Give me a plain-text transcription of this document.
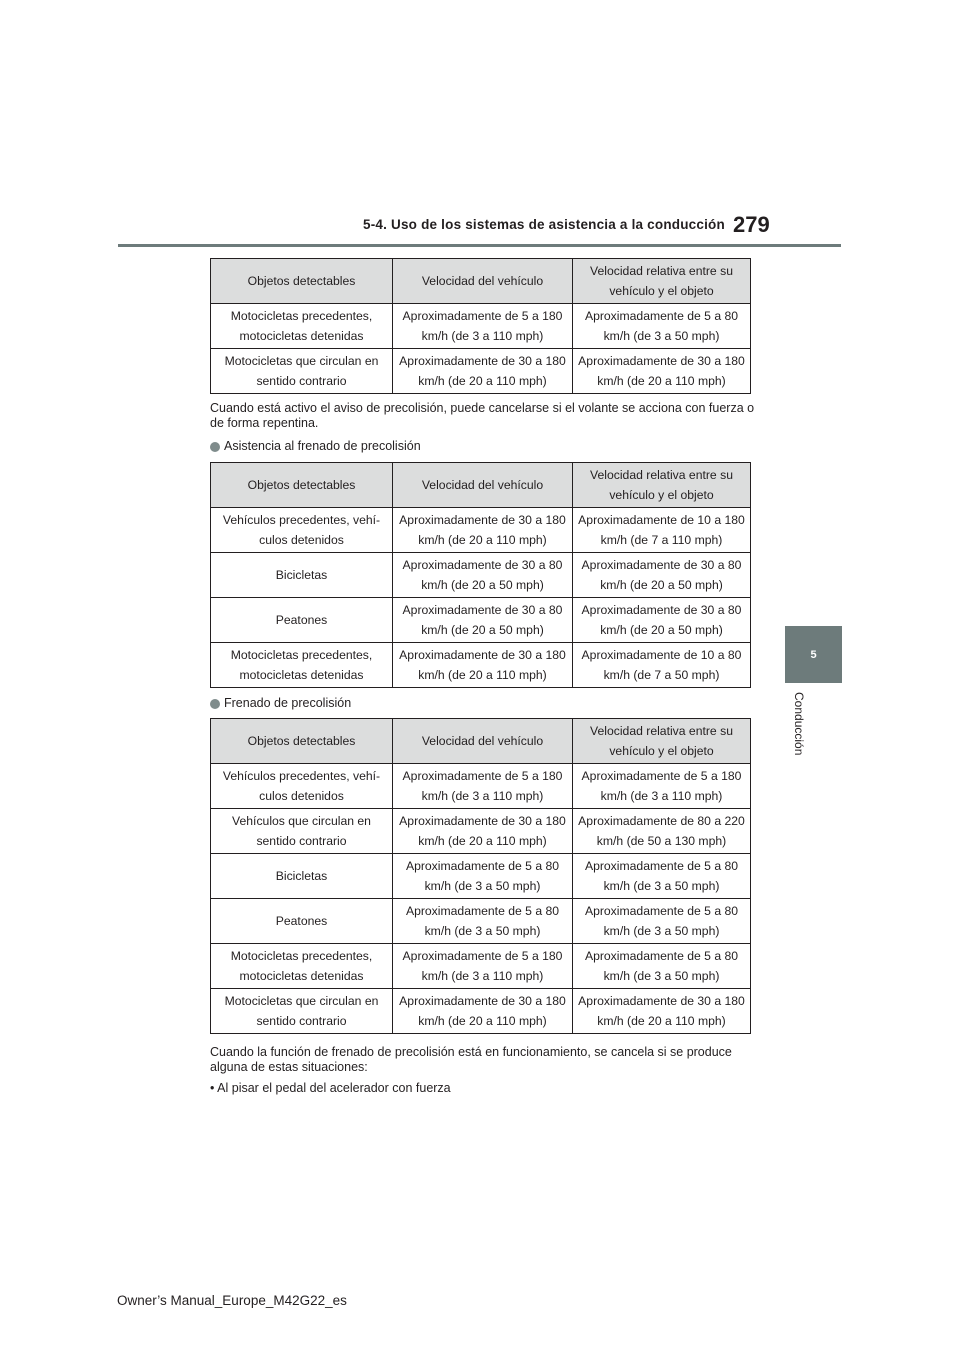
5-4. Uso de los sistemas de asistencia a la conducción 279
5
Conducción
Objetos detectables	Velocidad del vehículo	Velocidad relativa entre su vehículo y el objeto
Motocicletas precedentes, motocicletas detenidas	Aproximadamente de 5 a 180 km/h (de 3 a 110 mph)	Aproximadamente de 5 a 80 km/h (de 3 a 50 mph)
Motocicletas que circulan en sentido contrario	Aproximadamente de 30 a 180 km/h (de 20 a 110 mph)	Aproximadamente de 30 a 180 km/h (de 20 a 110 mph)
Cuando está activo el aviso de precolisión, puede cancelarse si el volante se acciona con fuerza o de forma repentina.
Asistencia al frenado de precolisión
Objetos detectables	Velocidad del vehículo	Velocidad relativa entre su vehículo y el objeto
Vehículos precedentes, vehí-culos detenidos	Aproximadamente de 30 a 180 km/h (de 20 a 110 mph)	Aproximadamente de 10 a 180 km/h (de 7 a 110 mph)
Bicicletas	Aproximadamente de 30 a 80 km/h (de 20 a 50 mph)	Aproximadamente de 30 a 80 km/h (de 20 a 50 mph)
Peatones	Aproximadamente de 30 a 80 km/h (de 20 a 50 mph)	Aproximadamente de 30 a 80 km/h (de 20 a 50 mph)
Motocicletas precedentes, motocicletas detenidas	Aproximadamente de 30 a 180 km/h (de 20 a 110 mph)	Aproximadamente de 10 a 80 km/h (de 7 a 50 mph)
Frenado de precolisión
Objetos detectables	Velocidad del vehículo	Velocidad relativa entre su vehículo y el objeto
Vehículos precedentes, vehí-culos detenidos	Aproximadamente de 5 a 180 km/h (de 3 a 110 mph)	Aproximadamente de 5 a 180 km/h (de 3 a 110 mph)
Vehículos que circulan en sentido contrario	Aproximadamente de 30 a 180 km/h (de 20 a 110 mph)	Aproximadamente de 80 a 220 km/h (de 50 a 130 mph)
Bicicletas	Aproximadamente de 5 a 80 km/h (de 3 a 50 mph)	Aproximadamente de 5 a 80 km/h (de 3 a 50 mph)
Peatones	Aproximadamente de 5 a 80 km/h (de 3 a 50 mph)	Aproximadamente de 5 a 80 km/h (de 3 a 50 mph)
Motocicletas precedentes, motocicletas detenidas	Aproximadamente de 5 a 180 km/h (de 3 a 110 mph)	Aproximadamente de 5 a 80 km/h (de 3 a 50 mph)
Motocicletas que circulan en sentido contrario	Aproximadamente de 30 a 180 km/h (de 20 a 110 mph)	Aproximadamente de 30 a 180 km/h (de 20 a 110 mph)
Cuando la función de frenado de precolisión está en funcionamiento, se cancela si se produce alguna de estas situaciones:
• Al pisar el pedal del acelerador con fuerza
Owner’s Manual_Europe_M42G22_es
